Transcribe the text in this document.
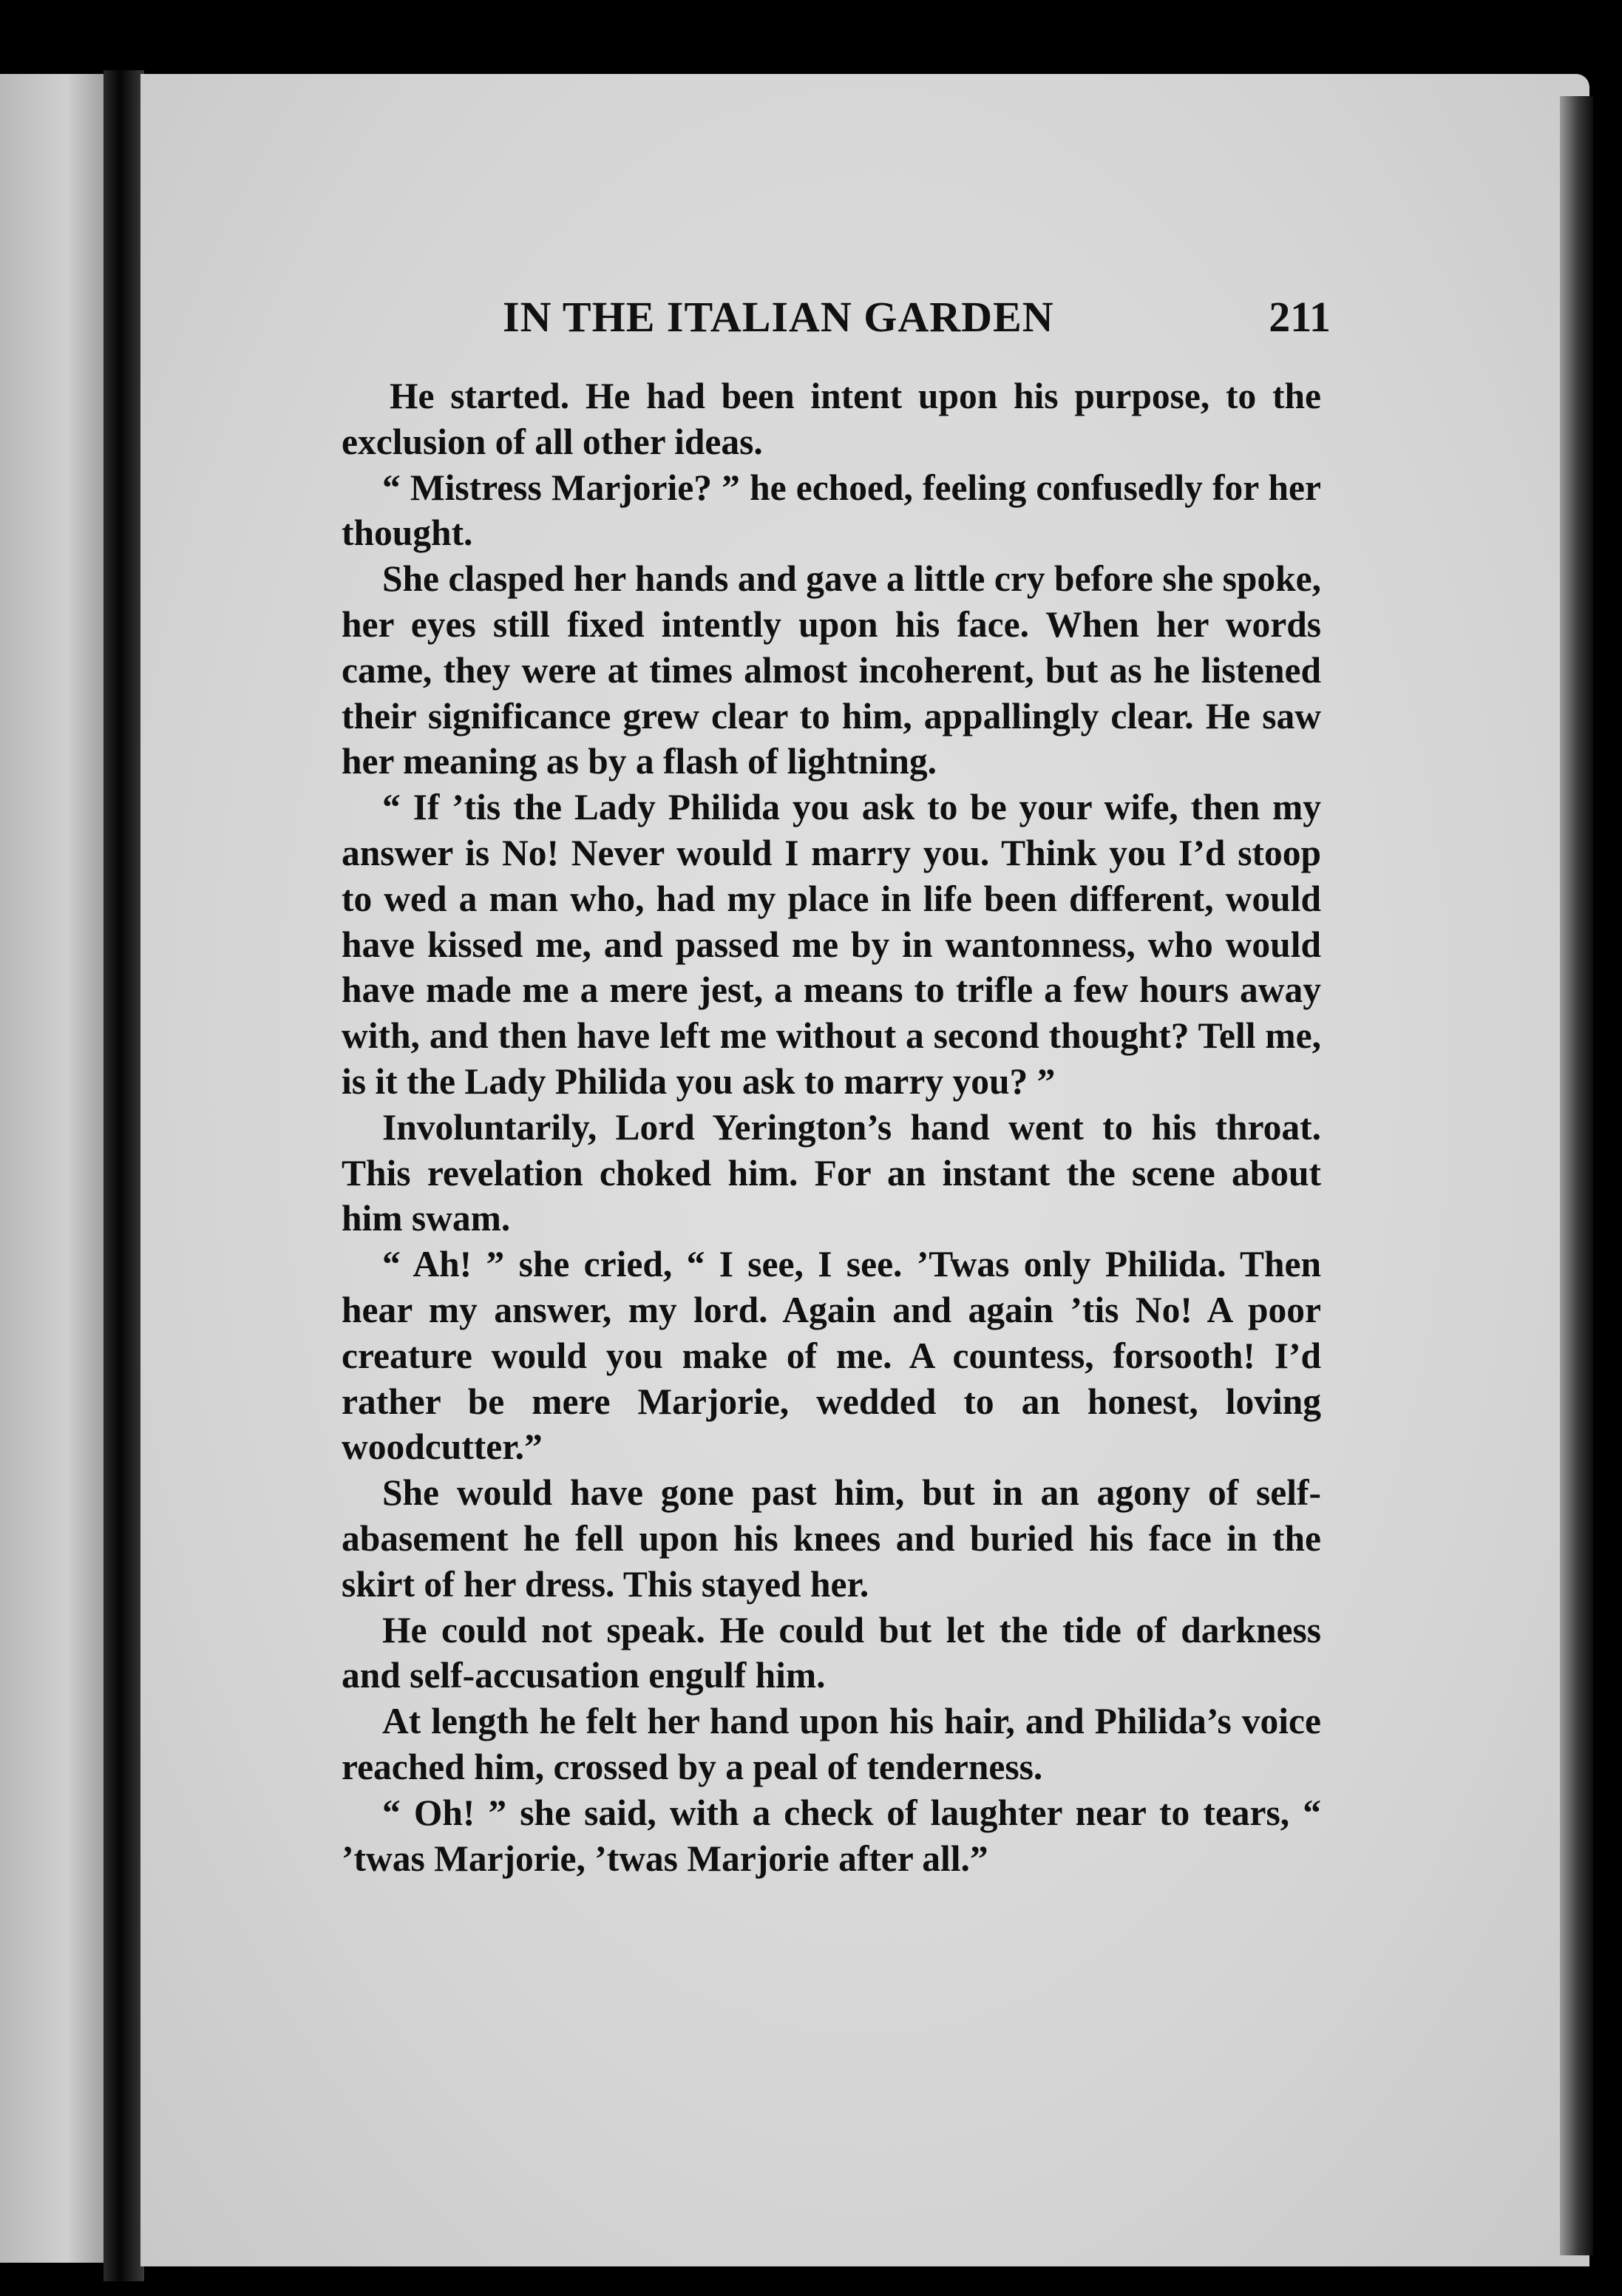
IN THE ITALIAN GARDEN	211

He started. He had been intent upon his purpose, to the exclusion of all other ideas.

“ Mistress Marjorie? ” he echoed, feeling confusedly for her thought.

She clasped her hands and gave a little cry before she spoke, her eyes still fixed intently upon his face. When her words came, they were at times almost incoherent, but as he listened their significance grew clear to him, appallingly clear. He saw her meaning as by a flash of lightning.

“ If ’tis the Lady Philida you ask to be your wife, then my answer is No! Never would I marry you. Think you I’d stoop to wed a man who, had my place in life been different, would have kissed me, and passed me by in wantonness, who would have made me a mere jest, a means to trifle a few hours away with, and then have left me without a second thought? Tell me, is it the Lady Philida you ask to marry you? ”

Involuntarily, Lord Yerington’s hand went to his throat. This revelation choked him. For an instant the scene about him swam.

“ Ah! ” she cried, “ I see, I see. ’Twas only Philida. Then hear my answer, my lord. Again and again ’tis No! A poor creature would you make of me. A countess, forsooth! I’d rather be mere Marjorie, wedded to an honest, loving woodcutter.”

She would have gone past him, but in an agony of self-abasement he fell upon his knees and buried his face in the skirt of her dress. This stayed her.

He could not speak. He could but let the tide of darkness and self-accusation engulf him.

At length he felt her hand upon his hair, and Philida’s voice reached him, crossed by a peal of tenderness.

“ Oh! ” she said, with a check of laughter near to tears, “ ’twas Marjorie, ’twas Marjorie after all.”
